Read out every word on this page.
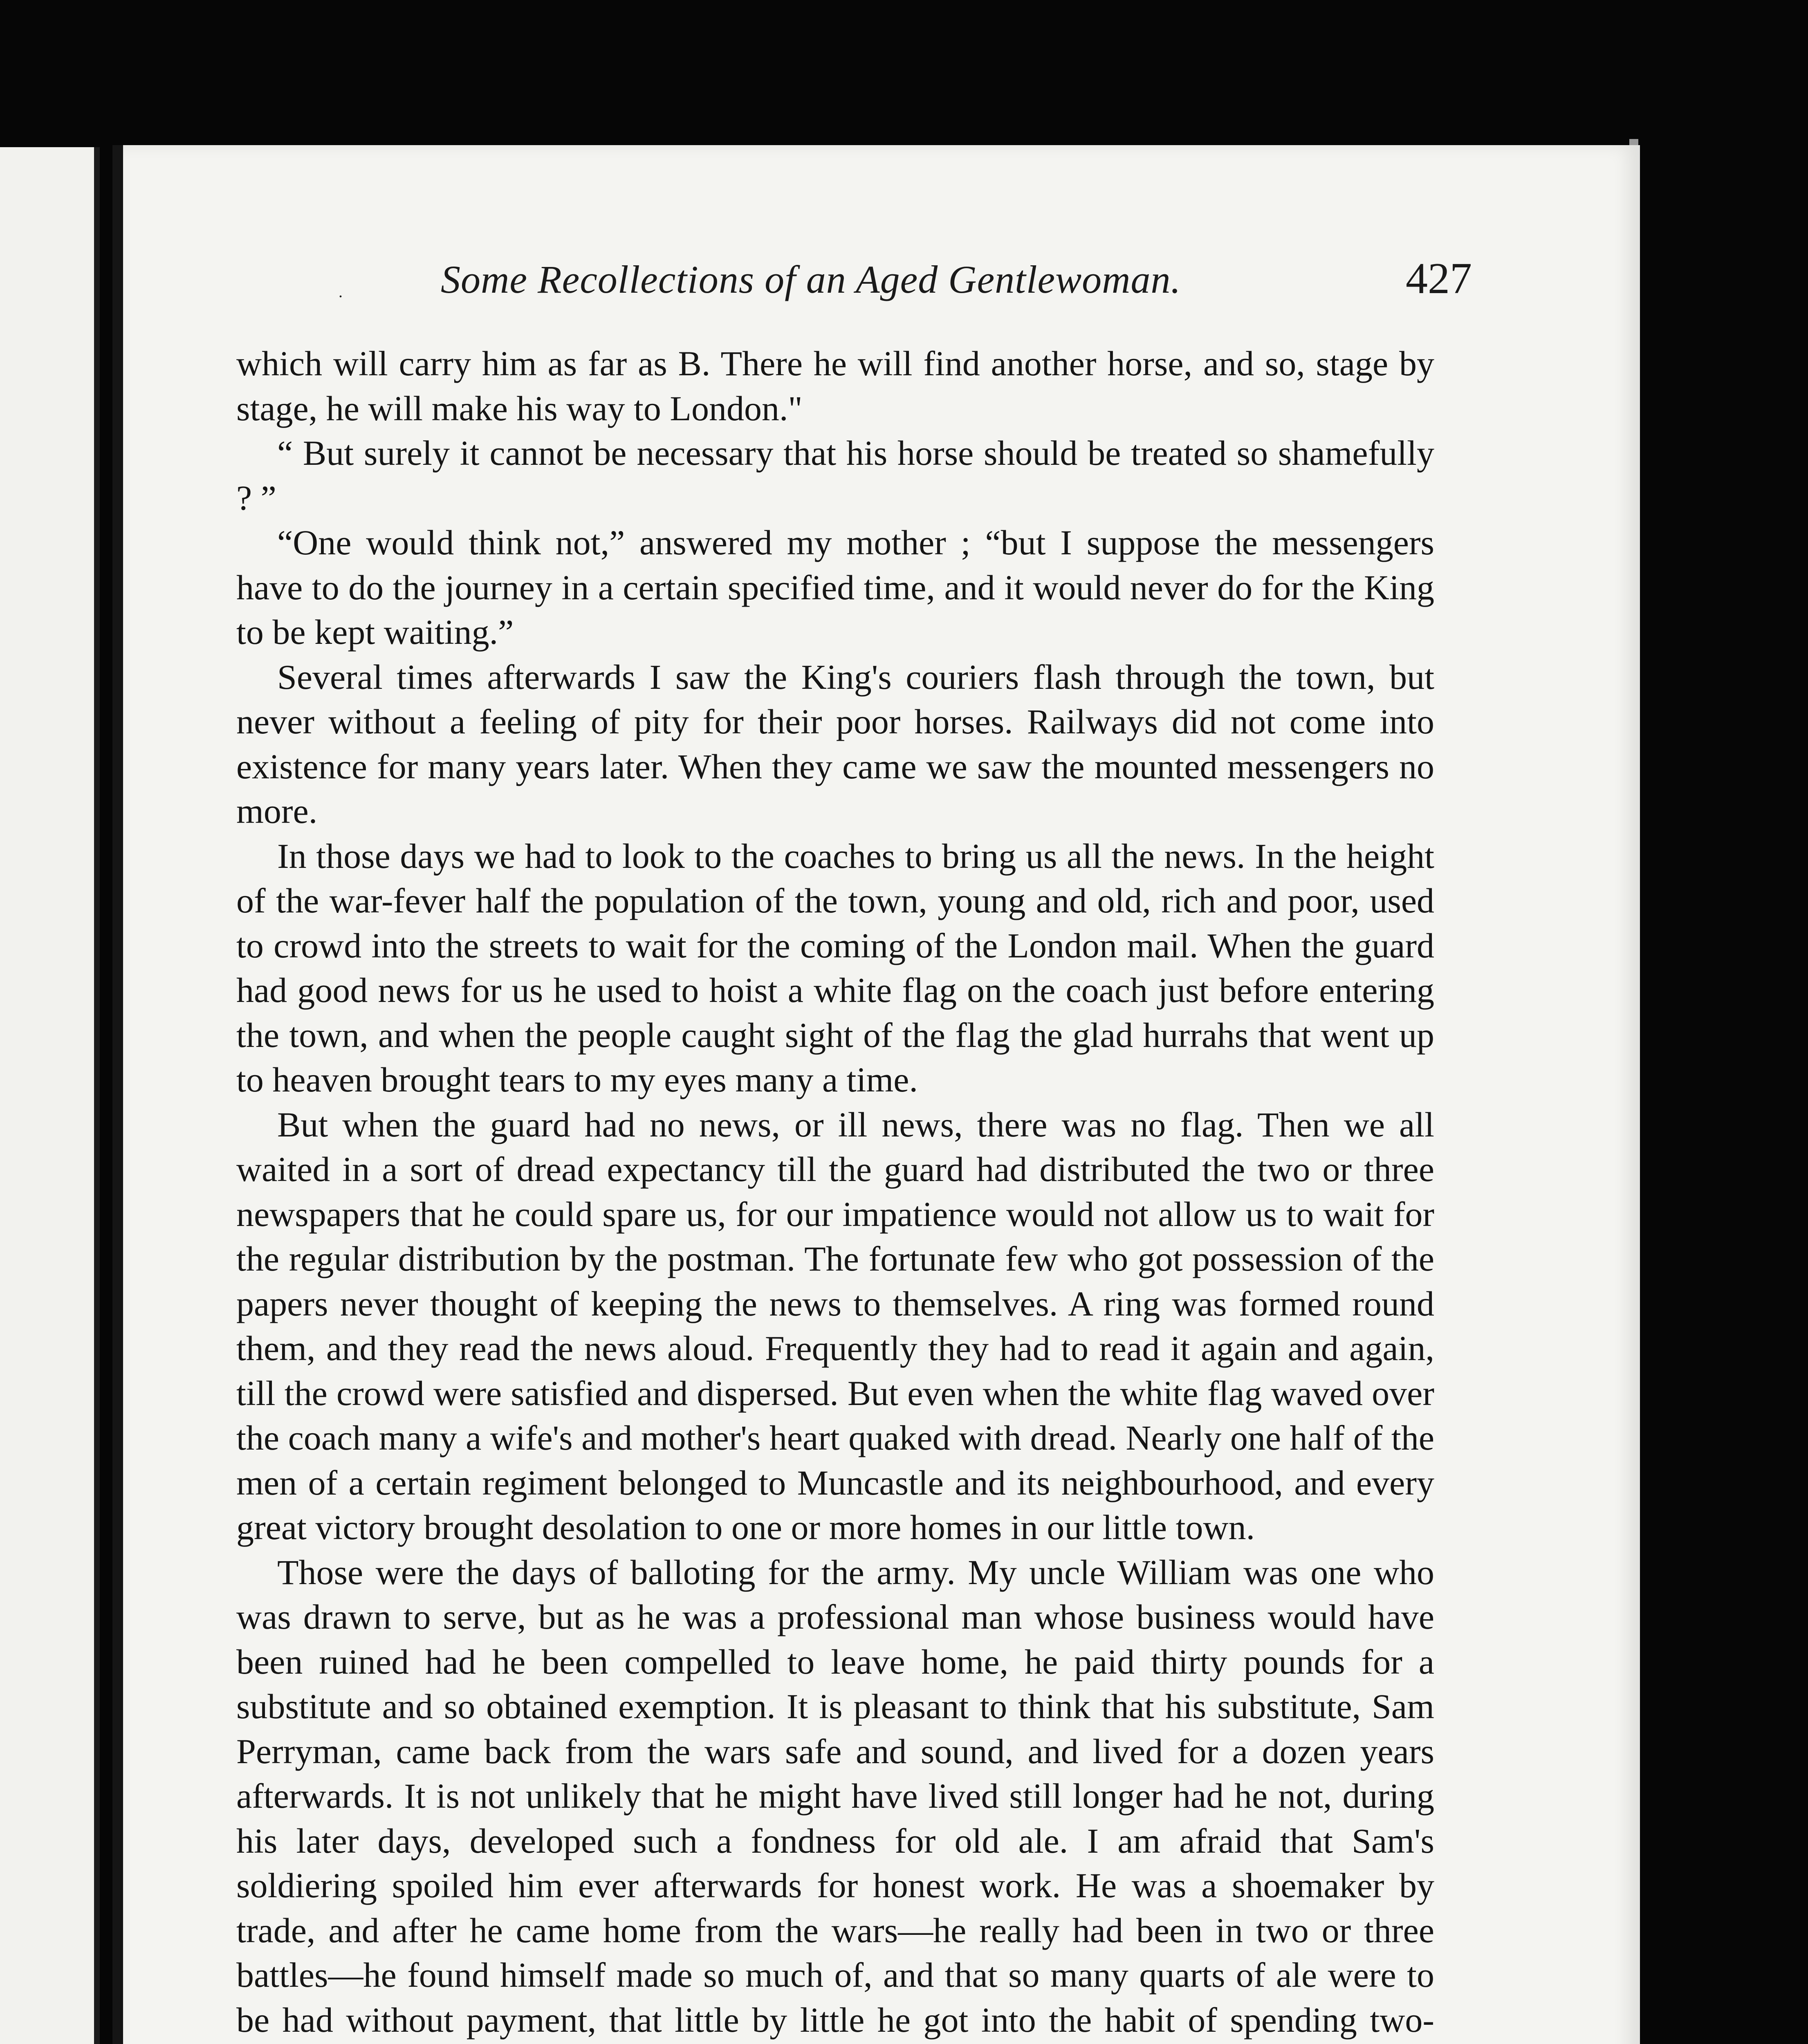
.	Some Recollections of an Aged Gentlewoman.	427

which will carry him as far as B. There he will find another horse, and so, stage by stage, he will make his way to London."

“ But surely it cannot be necessary that his horse should be treated so shamefully ? ”

“One would think not,” answered my mother ; “but I suppose the messengers have to do the journey in a certain specified time, and it would never do for the King to be kept waiting.”

Several times afterwards I saw the King's couriers flash through the town, but never without a feeling of pity for their poor horses. Railways did not come into existence for many years later. When they came we saw the mounted messengers no more.

In those days we had to look to the coaches to bring us all the news. In the height of the war-fever half the population of the town, young and old, rich and poor, used to crowd into the streets to wait for the coming of the London mail. When the guard had good news for us he used to hoist a white flag on the coach just before entering the town, and when the people caught sight of the flag the glad hurrahs that went up to heaven brought tears to my eyes many a time.

But when the guard had no news, or ill news, there was no flag. Then we all waited in a sort of dread expectancy till the guard had distributed the two or three newspapers that he could spare us, for our impatience would not allow us to wait for the regular distribution by the postman. The fortunate few who got possession of the papers never thought of keeping the news to themselves. A ring was formed round them, and they read the news aloud. Frequently they had to read it again and again, till the crowd were satisfied and dispersed. But even when the white flag waved over the coach many a wife's and mother's heart quaked with dread. Nearly one half of the men of a certain regiment belonged to Muncastle and its neighbourhood, and every great victory brought desolation to one or more homes in our little town.

Those were the days of balloting for the army. My uncle William was one who was drawn to serve, but as he was a professional man whose business would have been ruined had he been compelled to leave home, he paid thirty pounds for a substitute and so obtained exemption. It is pleasant to think that his substitute, Sam Perryman, came back from the wars safe and sound, and lived for a dozen years afterwards. It is not unlikely that he might have lived still longer had he not, during his later days, developed such a fondness for old ale. I am afraid that Sam's soldiering spoiled him ever afterwards for honest work. He was a shoemaker by trade, and after he came home from the wars—he really had been in two or three battles—he found himself made so much of, and that so many quarts of ale were to be had without payment, that little by little he got into the habit of spending two-
